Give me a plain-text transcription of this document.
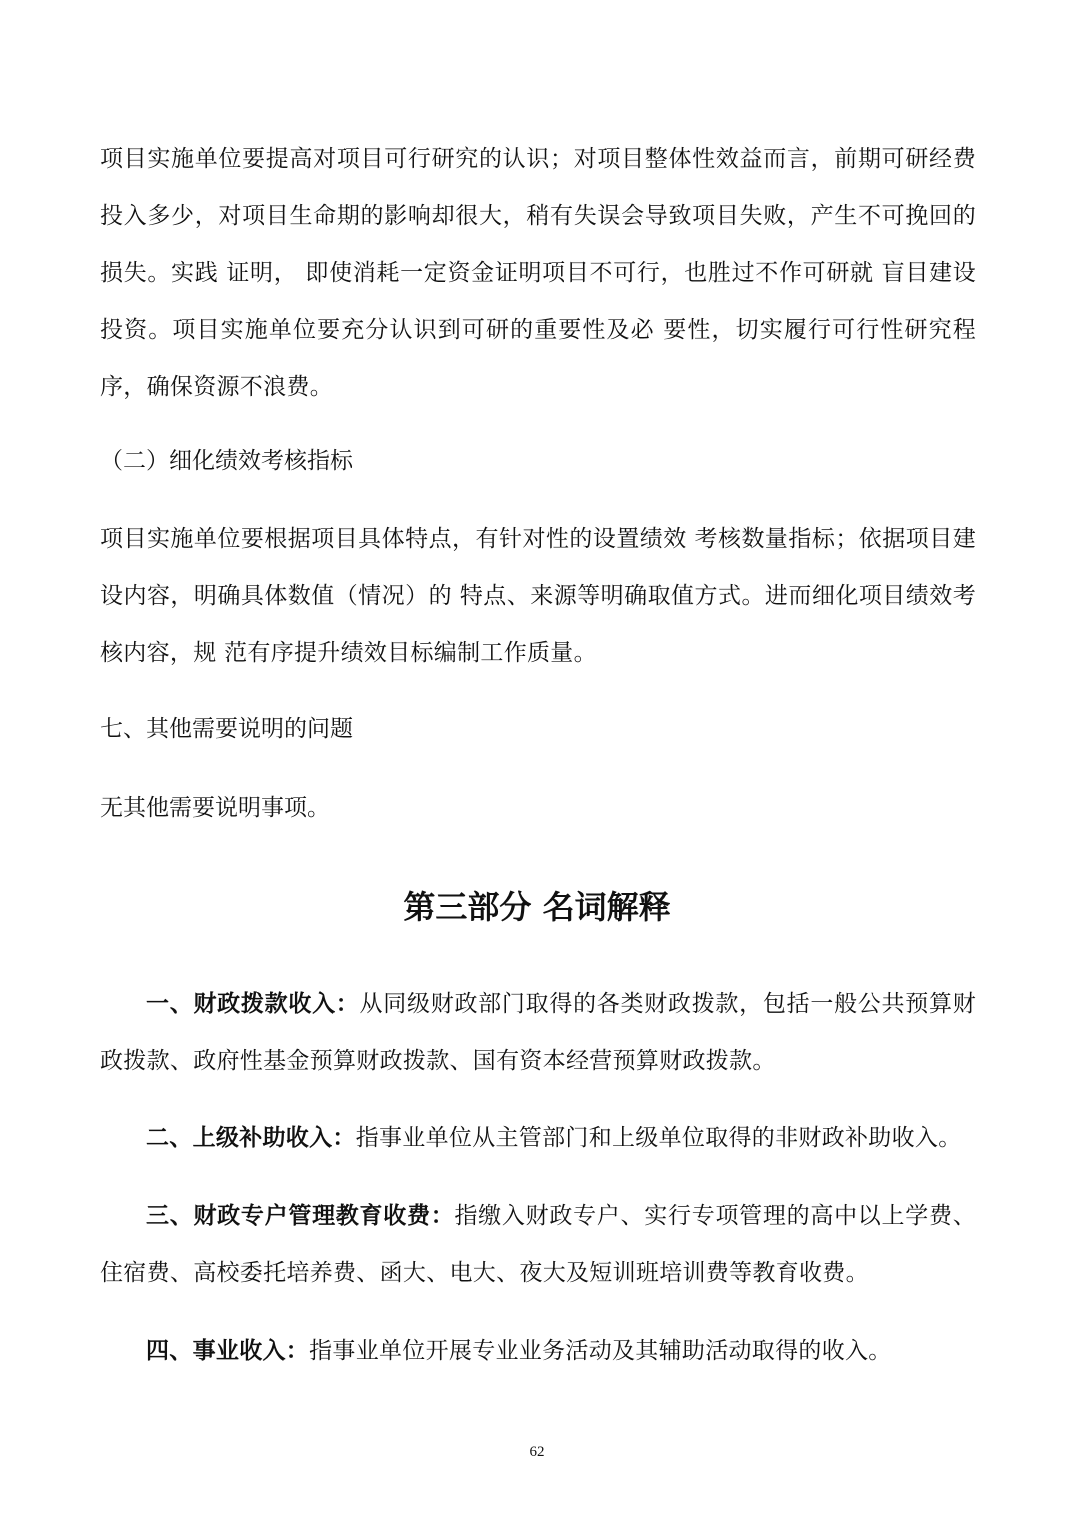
项目实施单位要提高对项目可行研究的认识；对项目整体性效益而言，前期可研经费投入多少，对项目生命期的影响却很大，稍有失误会导致项目失败，产生不可挽回的损失。实践 证明， 即使消耗一定资金证明项目不可行，也胜过不作可研就 盲目建设投资。项目实施单位要充分认识到可研的重要性及必 要性，切实履行可行性研究程序，确保资源不浪费。

（二）细化绩效考核指标

项目实施单位要根据项目具体特点，有针对性的设置绩效 考核数量指标；依据项目建设内容，明确具体数值（情况）的 特点、来源等明确取值方式。进而细化项目绩效考核内容，规 范有序提升绩效目标编制工作质量。

七、其他需要说明的问题

无其他需要说明事项。

第三部分 名词解释

一、财政拨款收入：从同级财政部门取得的各类财政拨款，包括一般公共预算财政拨款、政府性基金预算财政拨款、国有资本经营预算财政拨款。

二、上级补助收入：指事业单位从主管部门和上级单位取得的非财政补助收入。

三、财政专户管理教育收费：指缴入财政专户、实行专项管理的高中以上学费、住宿费、高校委托培养费、函大、电大、夜大及短训班培训费等教育收费。

四、事业收入：指事业单位开展专业业务活动及其辅助活动取得的收入。

62
